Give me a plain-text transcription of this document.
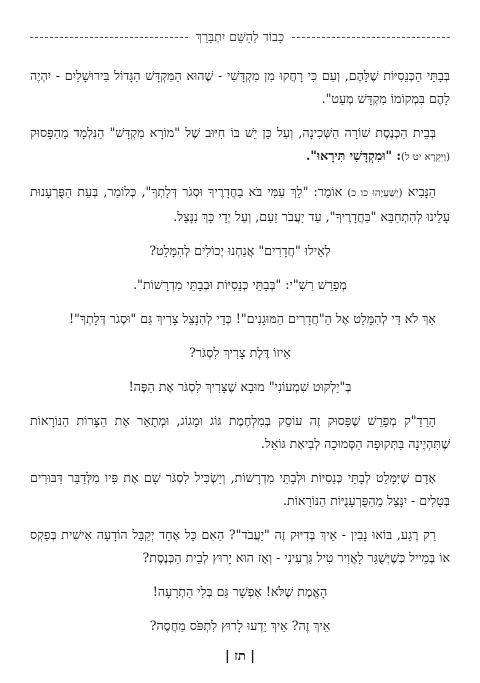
כָּבוֹד לַהַשֵּׁם יִתְבָּרֵךְ

בְּבָתֵּי הַכְּנֵסִיּוֹת שֶׁלָּהֶם, וְעִם כִּי רָחֲקוּ מִן מִקְדָּשִׁי - שֶׁהוּא הַמִּקְדָּשׁ הַגָּדוֹל בִּירוּשָׁלַיִם - יִהְיֶה לָהֶם בִּמְקוֹמוֹ מִקְדָּשׁ מְעַט".

בְּבֵית הַכְּנֶסֶת שׁוֹרָה הַשְּׁכִינָה, וְעַל כֵּן יֵשׁ בּוֹ חִיּוּב שֶׁל "מוֹרָא מִקְדָּשׁ" הַנִּלְמָד מֵהַפָּסוּק (וַיִּקְרָא יט ל): "וּמִקְדָּשִׁי תִּירָאוּ".

הַנָּבִיא (יְשַׁעְיָהוּ כו כ) אוֹמֵר: "לֵךְ עַמִּי בֹּא בַחֲדָרֶיךָ וּסְגֹר דְּלָתְךָ", כְּלוֹמַר, בְּעֵת הַפֻּרְעָנוּת עָלֵינוּ לְהִתְחַבֵּא "בַּחֲדָרֶיךָ", עַד יַעֲבֹר זַעַם, וְעַל יְדֵי כָּךְ נִנָּצֵל.

לְאֵילוּ "חֲדָרִים" אֲנַחְנוּ יְכוֹלִים לְהִמָּלֵט?

מְפָרֵשׁ רַשִׁ"י: "בְּבָתֵּי כְּנֵסִיּוֹת וּבְבָתֵּי מִדְרָשׁוֹת".

אַךְ לֹא דַּי לְהִמָּלֵט אֶל הַ"חֲדָרִים הַמּוּגָנִים"! כְּדֵי לְהִנָּצֵל צָרִיךְ גַּם "וּסְגֹר דְּלָתְךָ"!

אֵיזוֹ דֶּלֶת צָרִיךְ לִסְגֹּר?

בְּ"יַלְקוּט שִׁמְעוֹנִי" מוּבָא שֶׁצָּרִיךְ לִסְגֹּר אֶת הַפֶּה!

הָרַדַ"ק מְפָרֵשׁ שֶׁפָּסוּק זֶה עוֹסֵק בְּמִלְחֶמֶת גּוֹג וּמָגוֹג, וּמְתָאֵר אֶת הַצָּרוֹת הַנּוֹרָאוֹת שֶׁתִּהְיֶינָה בַּתְּקוּפָה הַסְּמוּכָה לְבִיאַת גּוֹאֵל.

אָדָם שֶׁיִּמָּלֵט לְבָתֵּי כְּנֵסִיּוֹת וּלְבָתֵּי מִדְרָשׁוֹת, וְיַשְׂכִּיל לִסְגֹּר שָׁם אֶת פִּיו מִלְּדַבֵּר דִּבּוּרִים בְּטֵלִים - יִנָּצֵל מֵהַפֻּרְעָנֻיּוֹת הַנּוֹרָאוֹת.

רַק רֶגַע, בּוֹאוּ נָבִין - אֵיךְ בְּדִיּוּק זֶה "יַעֲבֹד"? הַאִם כָּל אֶחָד יְקַבֵּל הוֹדָעָה אִישִׁית בְּפַקְס אוֹ בְּמֵייל כְּשֶׁיְּשֻׁגַּר לָאֲוִיר טִיל גַּרְעִינִי - וְאָז הוּא יָרוּץ לְבֵית הַכְּנֶסֶת?

הָאֱמֶת שֶׁלֹּא! אֶפְשָׁר גַּם בְּלִי הַתְרָעָה!

אֵיךְ זֶה? אֵיךְ יֵדְעוּ לָרוּץ לִתְפֹּס מַחֲסֶה?

| תז |
